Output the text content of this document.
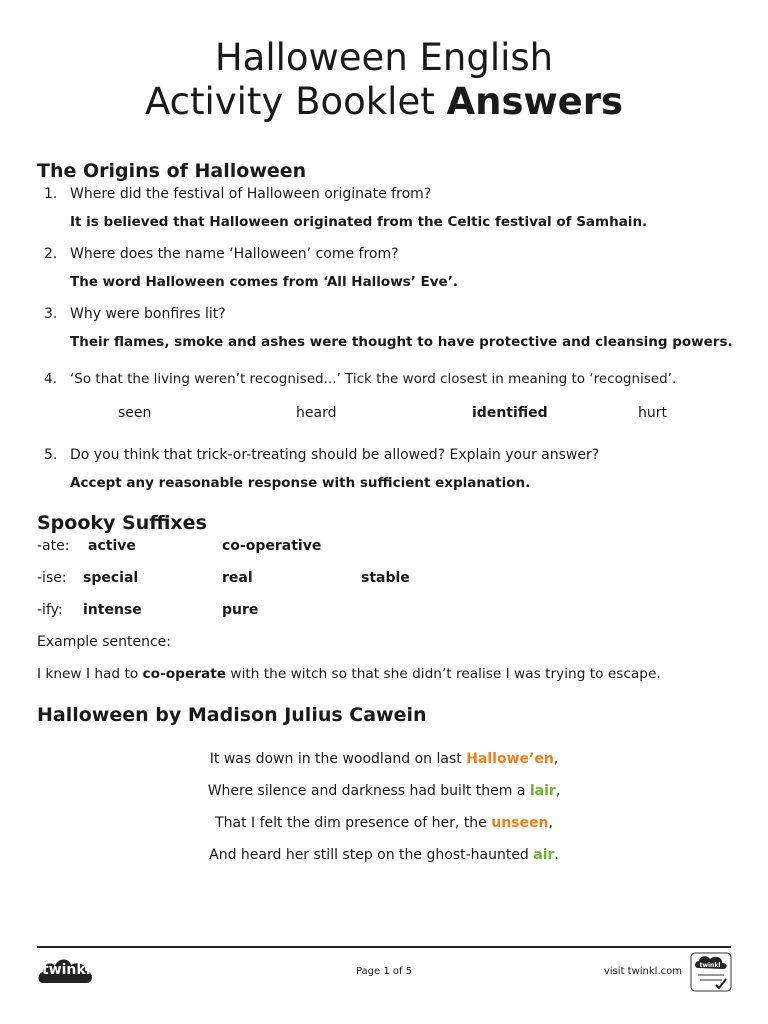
Halloween English
Activity Booklet Answers
The Origins of Halloween
1. Where did the festival of Halloween originate from?
It is believed that Halloween originated from the Celtic festival of Samhain.
2. Where does the name ‘Halloween’ come from?
The word Halloween comes from ‘All Hallows’ Eve’.
3. Why were bonfires lit?
Their flames, smoke and ashes were thought to have protective and cleansing powers.
4. ‘So that the living weren’t recognised...’ Tick the word closest in meaning to ‘recognised’.
seen	heard	identified	hurt
5. Do you think that trick-or-treating should be allowed? Explain your answer?
Accept any reasonable response with sufficient explanation.
Spooky Suffixes
-ate: active	co-operative
-ise: special	real	stable
-ify: intense	pure
Example sentence:
I knew I had to co-operate with the witch so that she didn’t realise I was trying to escape.
Halloween by Madison Julius Cawein
It was down in the woodland on last Hallowe’en,
Where silence and darkness had built them a lair,
That I felt the dim presence of her, the unseen,
And heard her still step on the ghost-haunted air.
twinkl	Page 1 of 5	visit twinkl.com
twinkl
